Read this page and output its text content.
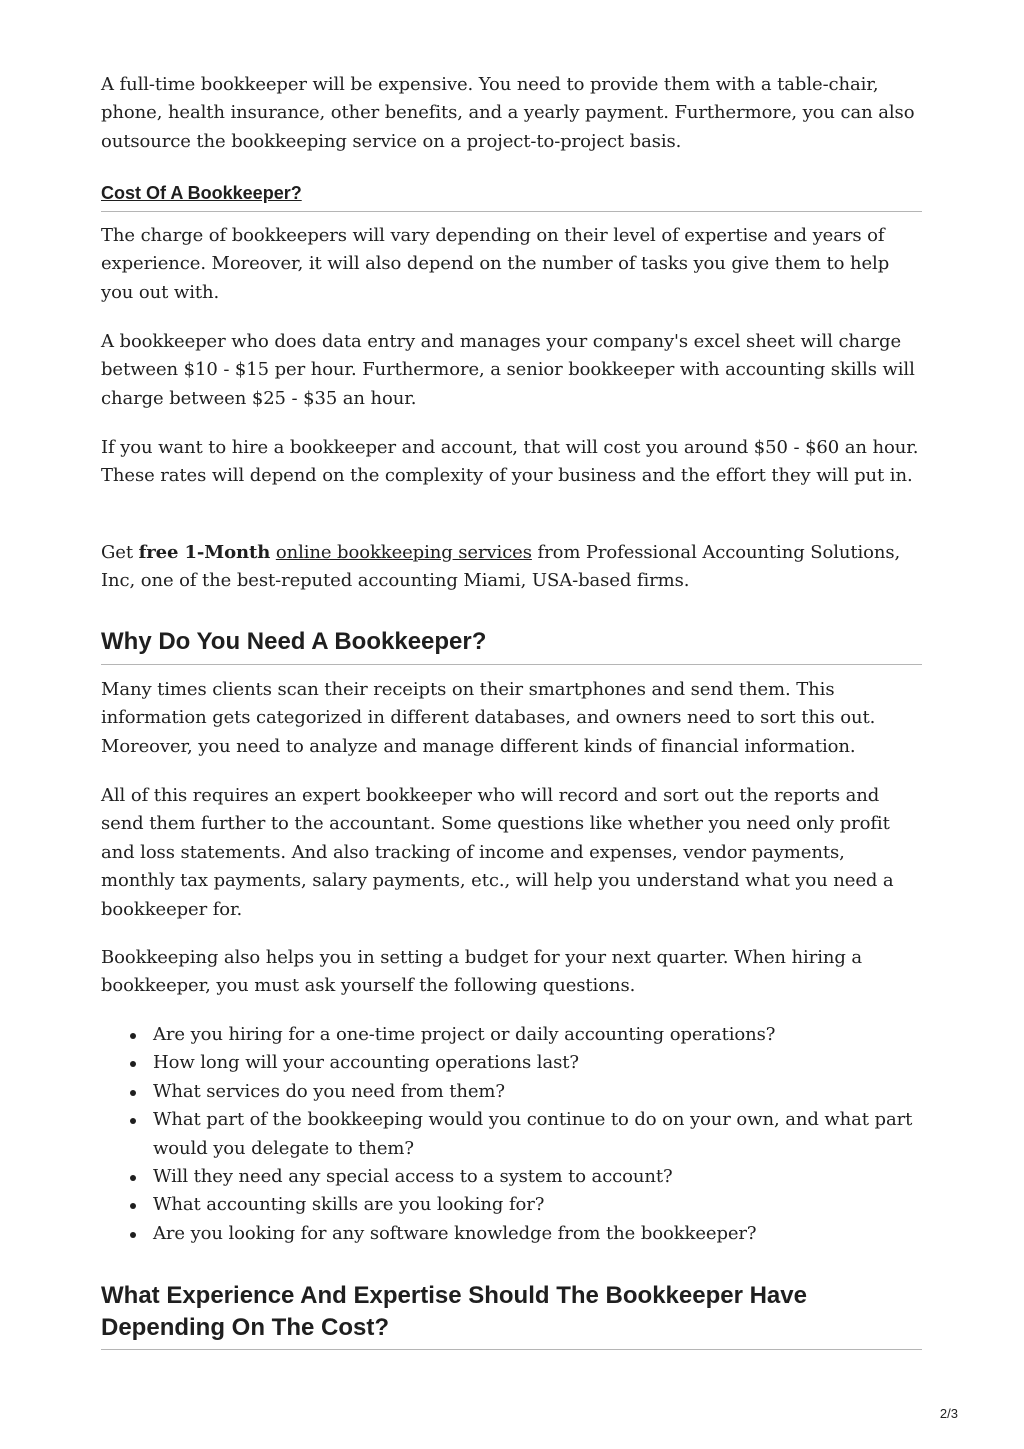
A full-time bookkeeper will be expensive. You need to provide them with a table-chair, phone, health insurance, other benefits, and a yearly payment. Furthermore, you can also outsource the bookkeeping service on a project-to-project basis.

Cost Of A Bookkeeper?

The charge of bookkeepers will vary depending on their level of expertise and years of experience. Moreover, it will also depend on the number of tasks you give them to help you out with.

A bookkeeper who does data entry and manages your company's excel sheet will charge between $10 - $15 per hour. Furthermore, a senior bookkeeper with accounting skills will charge between $25 - $35 an hour.

If you want to hire a bookkeeper and account, that will cost you around $50 - $60 an hour. These rates will depend on the complexity of your business and the effort they will put in.

Get free 1-Month online bookkeeping services from Professional Accounting Solutions, Inc, one of the best-reputed accounting Miami, USA-based firms.

Why Do You Need A Bookkeeper?

Many times clients scan their receipts on their smartphones and send them. This information gets categorized in different databases, and owners need to sort this out. Moreover, you need to analyze and manage different kinds of financial information.

All of this requires an expert bookkeeper who will record and sort out the reports and send them further to the accountant. Some questions like whether you need only profit and loss statements. And also tracking of income and expenses, vendor payments, monthly tax payments, salary payments, etc., will help you understand what you need a bookkeeper for.

Bookkeeping also helps you in setting a budget for your next quarter. When hiring a bookkeeper, you must ask yourself the following questions.

Are you hiring for a one-time project or daily accounting operations?
How long will your accounting operations last?
What services do you need from them?
What part of the bookkeeping would you continue to do on your own, and what part would you delegate to them?
Will they need any special access to a system to account?
What accounting skills are you looking for?
Are you looking for any software knowledge from the bookkeeper?
What Experience And Expertise Should The Bookkeeper Have Depending On The Cost?
2/3
